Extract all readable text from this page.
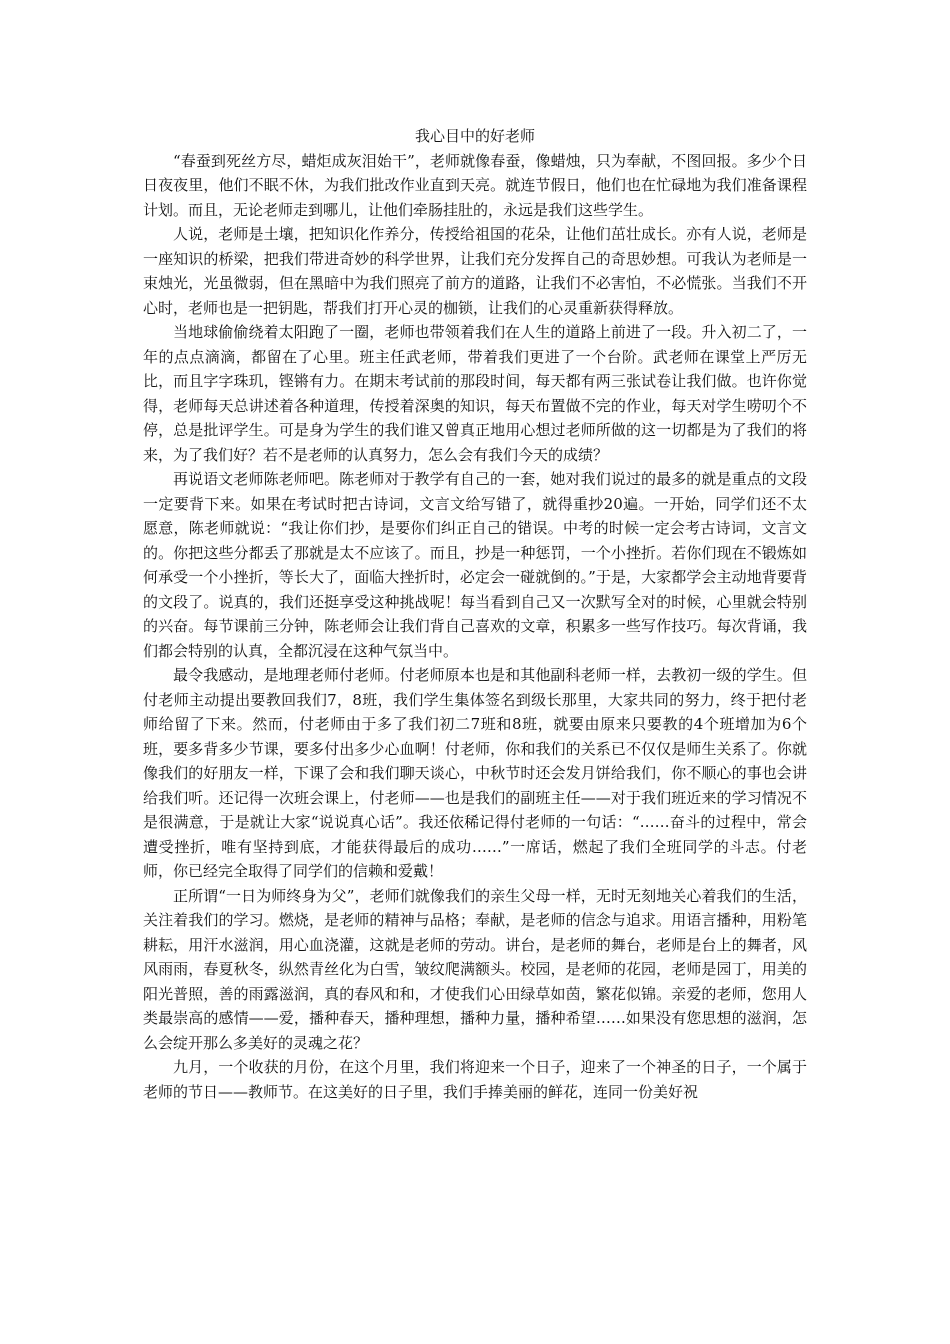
我心目中的好老师

“春蚕到死丝方尽，蜡炬成灰泪始干”，老师就像春蚕，像蜡烛，只为奉献，不图回报。多少个日日夜夜里，他们不眠不休，为我们批改作业直到天亮。就连节假日，他们也在忙碌地为我们准备课程计划。而且，无论老师走到哪儿，让他们牵肠挂肚的，永远是我们这些学生。

人说，老师是土壤，把知识化作养分，传授给祖国的花朵，让他们茁壮成长。亦有人说，老师是一座知识的桥梁，把我们带进奇妙的科学世界，让我们充分发挥自己的奇思妙想。可我认为老师是一束烛光，光虽微弱，但在黑暗中为我们照亮了前方的道路，让我们不必害怕，不必慌张。当我们不开心时，老师也是一把钥匙，帮我们打开心灵的枷锁，让我们的心灵重新获得释放。

当地球偷偷绕着太阳跑了一圈，老师也带领着我们在人生的道路上前进了一段。升入初二了，一年的点点滴滴，都留在了心里。班主任武老师，带着我们更进了一个台阶。武老师在课堂上严厉无比，而且字字珠玑，铿锵有力。在期末考试前的那段时间，每天都有两三张试卷让我们做。也许你觉得，老师每天总讲述着各种道理，传授着深奥的知识，每天布置做不完的作业，每天对学生唠叨个不停，总是批评学生。可是身为学生的我们谁又曾真正地用心想过老师所做的这一切都是为了我们的将来，为了我们好？若不是老师的认真努力，怎么会有我们今天的成绩？

再说语文老师陈老师吧。陈老师对于教学有自己的一套，她对我们说过的最多的就是重点的文段一定要背下来。如果在考试时把古诗词，文言文给写错了，就得重抄20遍。一开始，同学们还不太愿意，陈老师就说：“我让你们抄，是要你们纠正自己的错误。中考的时候一定会考古诗词，文言文的。你把这些分都丢了那就是太不应该了。而且，抄是一种惩罚，一个小挫折。若你们现在不锻炼如何承受一个小挫折，等长大了，面临大挫折时，必定会一碰就倒的。”于是，大家都学会主动地背要背的文段了。说真的，我们还挺享受这种挑战呢！每当看到自己又一次默写全对的时候，心里就会特别的兴奋。每节课前三分钟，陈老师会让我们背自己喜欢的文章，积累多一些写作技巧。每次背诵，我们都会特别的认真，全都沉浸在这种气氛当中。

最令我感动，是地理老师付老师。付老师原本也是和其他副科老师一样，去教初一级的学生。但付老师主动提出要教回我们7，8班，我们学生集体签名到级长那里，大家共同的努力，终于把付老师给留了下来。然而，付老师由于多了我们初二7班和8班，就要由原来只要教的4个班增加为6个班，要多背多少节课，要多付出多少心血啊！付老师，你和我们的关系已不仅仅是师生关系了。你就像我们的好朋友一样，下课了会和我们聊天谈心，中秋节时还会发月饼给我们，你不顺心的事也会讲给我们听。还记得一次班会课上，付老师——也是我们的副班主任——对于我们班近来的学习情况不是很满意，于是就让大家“说说真心话”。我还依稀记得付老师的一句话：“……奋斗的过程中，常会遭受挫折，唯有坚持到底，才能获得最后的成功……”一席话，燃起了我们全班同学的斗志。付老师，你已经完全取得了同学们的信赖和爱戴！

正所谓“一日为师终身为父”，老师们就像我们的亲生父母一样，无时无刻地关心着我们的生活，关注着我们的学习。燃烧，是老师的精神与品格；奉献，是老师的信念与追求。用语言播种，用粉笔耕耘，用汗水滋润，用心血浇灌，这就是老师的劳动。讲台，是老师的舞台，老师是台上的舞者，风风雨雨，春夏秋冬，纵然青丝化为白雪，皱纹爬满额头。校园，是老师的花园，老师是园丁，用美的阳光普照，善的雨露滋润，真的春风和和，才使我们心田绿草如茵，繁花似锦。亲爱的老师，您用人类最崇高的感情——爱，播种春天，播种理想，播种力量，播种希望……如果没有您思想的滋润，怎么会绽开那么多美好的灵魂之花？

九月，一个收获的月份，在这个月里，我们将迎来一个日子，迎来了一个神圣的日子，一个属于老师的节日——教师节。在这美好的日子里，我们手捧美丽的鲜花，连同一份美好祝
